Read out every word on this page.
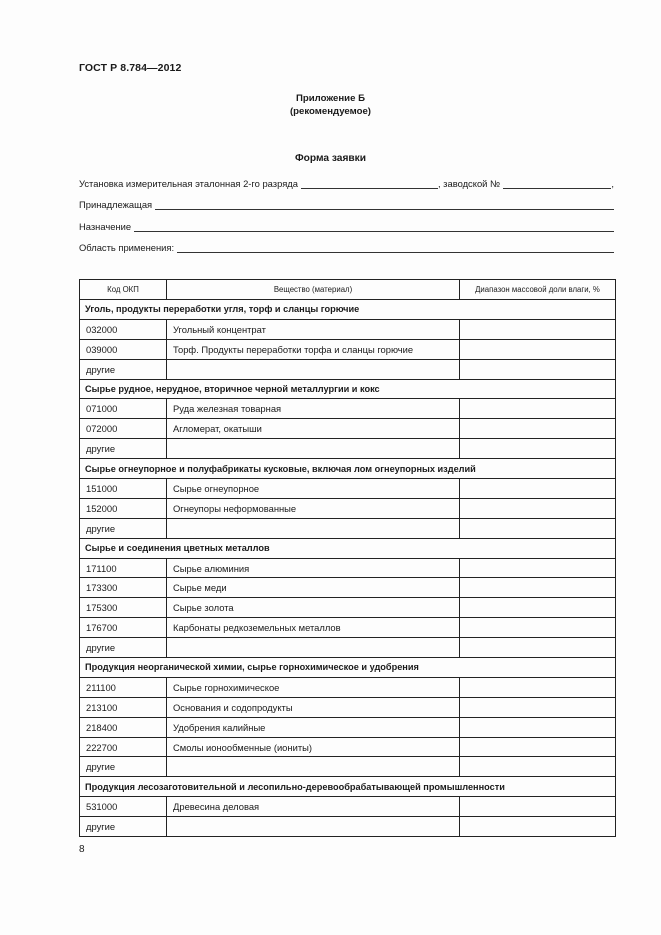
ГОСТ Р 8.784—2012
Приложение Б
(рекомендуемое)
Форма заявки
Установка измерительная эталонная 2-го разряда	, заводской №	,
Принадлежащая
Назначение
Область применения:
Код ОКП	Вещество (материал)	Диапазон массовой доли влаги, %
Уголь, продукты переработки угля, торф и сланцы горючие		
032000	Угольный концентрат	
039000	Торф. Продукты переработки торфа и сланцы горючие	
другие		
Сырье рудное, нерудное, вторичное черной металлургии и кокс		
071000	Руда железная товарная	
072000	Агломерат, окатыши	
другие		
Сырье огнеупорное и полуфабрикаты кусковые, включая лом огнеупорных изделий		
151000	Сырье огнеупорное	
152000	Огнеупоры неформованные	
другие		
Сырье и соединения цветных металлов		
171100	Сырье алюминия	
173300	Сырье меди	
175300	Сырье золота	
176700	Карбонаты редкоземельных металлов	
другие		
Продукция неорганической химии, сырье горнохимическое и удобрения		
211100	Сырье горнохимическое	
213100	Основания и содопродукты	
218400	Удобрения калийные	
222700	Смолы ионообменные (иониты)	
другие		
Продукция лесозаготовительной и лесопильно-деревообрабатывающей промышленности		
531000	Древесина деловая	
другие		
8
